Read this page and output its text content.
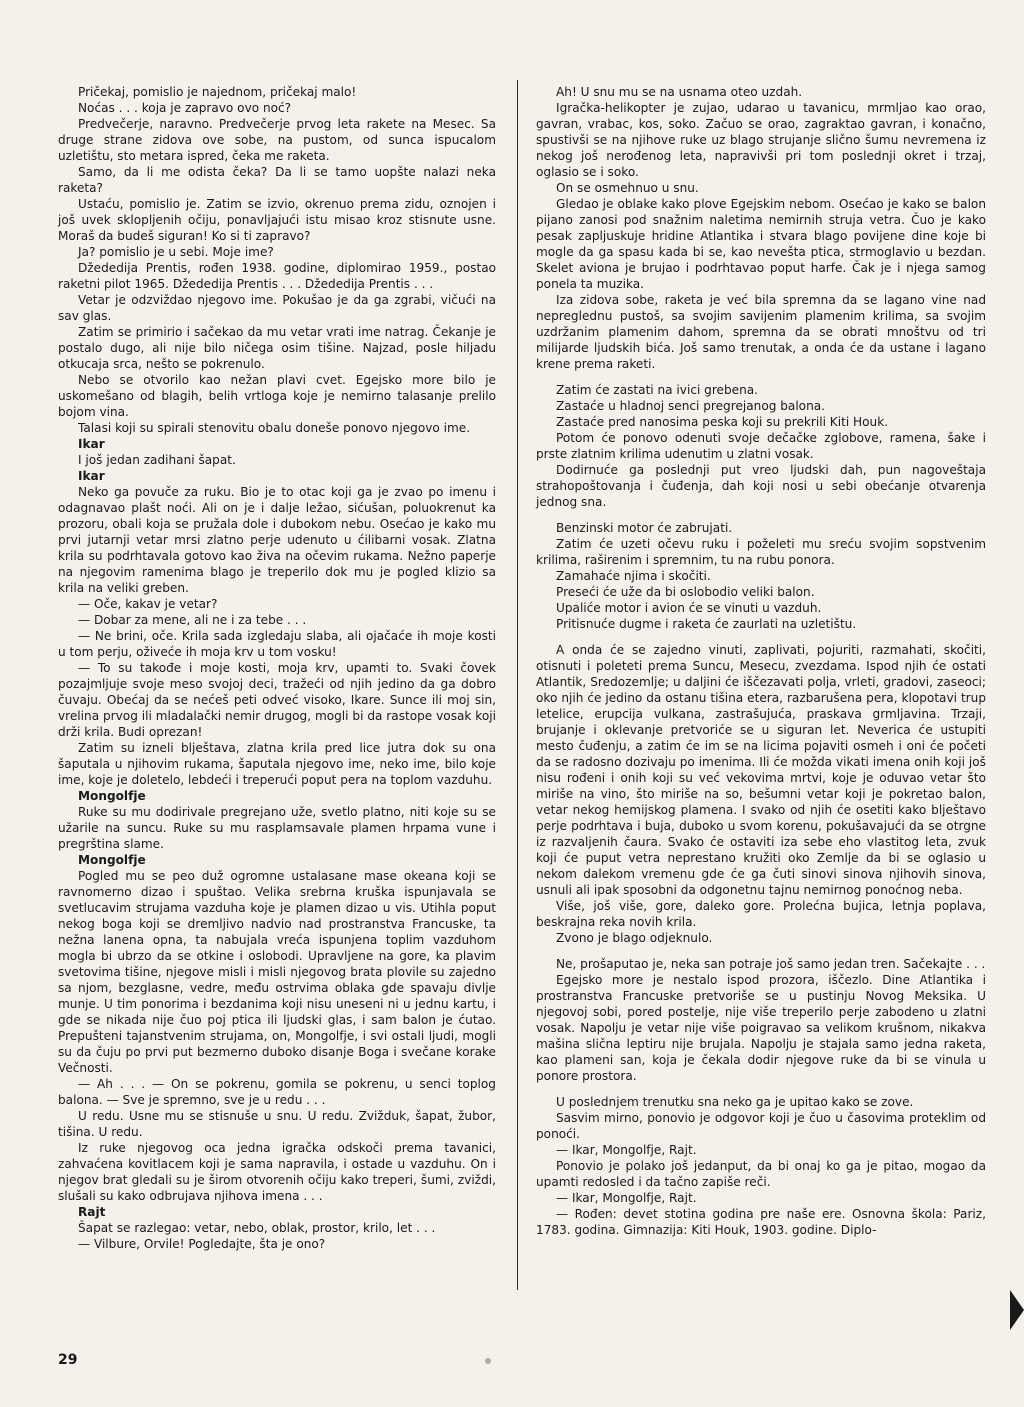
Pričekaj, pomislio je najednom, pričekaj malo!

Noćas . . . koja je zapravo ovo noć?

Predvečerje, naravno. Predvečerje prvog leta rakete na Mesec. Sa druge strane zidova ove sobe, na pustom, od sunca ispucalom uzletištu, sto metara ispred, čeka me raketa.

Samo, da li me odista čeka? Da li se tamo uopšte nalazi neka raketa?

Ustaću, pomislio je. Zatim se izvio, okrenuo prema zidu, oznojen i još uvek sklopljenih očiju, ponavljajući istu misao kroz stisnute usne. Moraš da budeš siguran! Ko si ti zapravo?

Ja? pomislio je u sebi. Moje ime?

Džededija Prentis, rođen 1938. godine, diplomirao 1959., postao raketni pilot 1965. Džededija Prentis . . . Džededija Prentis . . .

Vetar je odzviždao njegovo ime. Pokušao je da ga zgrabi, vičući na sav glas.

Zatim se primirio i sačekao da mu vetar vrati ime natrag. Čekanje je postalo dugo, ali nije bilo ničega osim tišine. Najzad, posle hiljadu otkucaja srca, nešto se pokrenulo.

Nebo se otvorilo kao nežan plavi cvet. Egejsko more bilo je uskomešano od blagih, belih vrtloga koje je nemirno talasanje prelilo bojom vina.

Talasi koji su spirali stenovitu obalu doneše ponovo njegovo ime.

Ikar

I još jedan zadihani šapat.

Ikar

Neko ga povuče za ruku. Bio je to otac koji ga je zvao po imenu i odagnavao plašt noći. Ali on je i dalje ležao, sićušan, poluokrenut ka prozoru, obali koja se pružala dole i dubokom nebu. Osećao je kako mu prvi jutarnji vetar mrsi zlatno perje udenuto u ćilibarni vosak. Zlatna krila su podrhtavala gotovo kao živa na očevim rukama. Nežno paperje na njegovim ramenima blago je treperilo dok mu je pogled klizio sa krila na veliki greben.

— Oče, kakav je vetar?

— Dobar za mene, ali ne i za tebe . . .

— Ne brini, oče. Krila sada izgledaju slaba, ali ojačaće ih moje kosti u tom perju, oživeće ih moja krv u tom vosku!

— To su takođe i moje kosti, moja krv, upamti to. Svaki čovek pozajmljuje svoje meso svojoj deci, tražeći od njih jedino da ga dobro čuvaju. Obećaj da se nećeš peti odveć visoko, Ikare. Sunce ili moj sin, vrelina prvog ili mladalački nemir drugog, mogli bi da rastope vosak koji drži krila. Budi oprezan!

Zatim su izneli blještava, zlatna krila pred lice jutra dok su ona šaputala u njihovim rukama, šaputala njegovo ime, neko ime, bilo koje ime, koje je doletelo, lebdeći i treperući poput pera na toplom vazduhu.

Mongolfje

Ruke su mu dodirivale pregrejano uže, svetlo platno, niti koje su se užarile na suncu. Ruke su mu rasplamsavale plamen hrpama vune i pregrština slame.

Mongolfje

Pogled mu se peo duž ogromne ustalasane mase okeana koji se ravnomerno dizao i spuštao. Velika srebrna kruška ispunjavala se svetlucavim strujama vazduha koje je plamen dizao u vis. Utihla poput nekog boga koji se dremljivo nadvio nad prostranstva Francuske, ta nežna lanena opna, ta nabujala vreća ispunjena toplim vazduhom mogla bi ubrzo da se otkine i oslobodi. Upravljene na gore, ka plavim svetovima tišine, njegove misli i misli njegovog brata plovile su zajedno sa njom, bezglasne, vedre, među ostrvima oblaka gde spavaju divlje munje. U tim ponorima i bezdanima koji nisu uneseni ni u jednu kartu, i gde se nikada nije čuo poj ptica ili ljudski glas, i sam balon je ćutao. Prepušteni tajanstvenim strujama, on, Mongolfje, i svi ostali ljudi, mogli su da čuju po prvi put bezmerno duboko disanje Boga i svečane korake Večnosti.

— Ah . . . — On se pokrenu, gomila se pokrenu, u senci toplog balona. — Sve je spremno, sve je u redu . . .

U redu. Usne mu se stisnuše u snu. U redu. Zvižduk, šapat, žubor, tišina. U redu.

Iz ruke njegovog oca jedna igračka odskoči prema tavanici, zahvaćena kovitlacem koji je sama napravila, i ostade u vazduhu. On i njegov brat gledali su je širom otvorenih očiju kako treperi, šumi, zviždi, slušali su kako odbrujava njihova imena . . .

Rajt

Šapat se razlegao: vetar, nebo, oblak, prostor, krilo, let . . .

— Vilbure, Orvile! Pogledajte, šta je ono?

Ah! U snu mu se na usnama oteo uzdah.

Igračka-helikopter je zujao, udarao u tavanicu, mrmljao kao orao, gavran, vrabac, kos, soko. Začuo se orao, zagraktao gavran, i konačno, spustivši se na njihove ruke uz blago strujanje slično šumu nevremena iz nekog još nerođenog leta, napravivši pri tom poslednji okret i trzaj, oglasio se i soko.

On se osmehnuo u snu.

Gledao je oblake kako plove Egejskim nebom. Osećao je kako se balon pijano zanosi pod snažnim naletima nemirnih struja vetra. Čuo je kako pesak zapljuskuje hridine Atlantika i stvara blago povijene dine koje bi mogle da ga spasu kada bi se, kao nevešta ptica, strmoglavio u bezdan. Skelet aviona je brujao i podrhtavao poput harfe. Čak je i njega samog ponela ta muzika.

Iza zidova sobe, raketa je već bila spremna da se lagano vine nad nepreglednu pustoš, sa svojim savijenim plamenim krilima, sa svojim uzdržanim plamenim dahom, spremna da se obrati mnoštvu od tri milijarde ljudskih bića. Još samo trenutak, a onda će da ustane i lagano krene prema raketi.

Zatim će zastati na ivici grebena.

Zastaće u hladnoj senci pregrejanog balona.

Zastaće pred nanosima peska koji su prekrili Kiti Houk.

Potom će ponovo odenuti svoje dečačke zglobove, ramena, šake i prste zlatnim krilima udenutim u zlatni vosak.

Dodirnuće ga poslednji put vreo ljudski dah, pun nagoveštaja strahopoštovanja i čuđenja, dah koji nosi u sebi obećanje otvarenja jednog sna.

Benzinski motor će zabrujati.

Zatim će uzeti očevu ruku i poželeti mu sreću svojim sopstvenim krilima, raširenim i spremnim, tu na rubu ponora.

Zamahaće njima i skočiti.

Preseći će uže da bi oslobodio veliki balon.

Upaliće motor i avion će se vinuti u vazduh.

Pritisnuće dugme i raketa će zaurlati na uzletištu.

A onda će se zajedno vinuti, zaplivati, pojuriti, razmahati, skočiti, otisnuti i poleteti prema Suncu, Mesecu, zvezdama. Ispod njih će ostati Atlantik, Sredozemlje; u daljini će iščezavati polja, vrleti, gradovi, zaseoci; oko njih će jedino da ostanu tišina etera, razbarušena pera, klopotavi trup letelice, erupcija vulkana, zastrašujuća, praskava grmljavina. Trzaji, brujanje i oklevanje pretvoriće se u siguran let. Neverica će ustupiti mesto čuđenju, a zatim će im se na licima pojaviti osmeh i oni će početi da se radosno dozivaju po imenima. Ili će možda vikati imena onih koji još nisu rođeni i onih koji su već vekovima mrtvi, koje je oduvao vetar što miriše na vino, što miriše na so, bešumni vetar koji je pokretao balon, vetar nekog hemijskog plamena. I svako od njih će osetiti kako blještavo perje podrhtava i buja, duboko u svom korenu, pokušavajući da se otrgne iz razvaljenih čaura. Svako će ostaviti iza sebe eho vlastitog leta, zvuk koji će puput vetra neprestano kružiti oko Zemlje da bi se oglasio u nekom dalekom vremenu gde će ga čuti sinovi sinova njihovih sinova, usnuli ali ipak sposobni da odgonetnu tajnu nemirnog ponoćnog neba.

Više, još više, gore, daleko gore. Prolećna bujica, letnja poplava, beskrajna reka novih krila.

Zvono je blago odjeknulo.

Ne, prošaputao je, neka san potraje još samo jedan tren. Sačekajte . . .

Egejsko more je nestalo ispod prozora, iščezlo. Dine Atlantika i prostranstva Francuske pretvoriše se u pustinju Novog Meksika. U njegovoj sobi, pored postelje, nije više treperilo perje zabodeno u zlatni vosak. Napolju je vetar nije više poigravao sa velikom krušnom, nikakva mašina slična leptiru nije brujala. Napolju je stajala samo jedna raketa, kao plameni san, koja je čekala dodir njegove ruke da bi se vinula u ponore prostora.

U poslednjem trenutku sna neko ga je upitao kako se zove.

Sasvim mirno, ponovio je odgovor koji je čuo u časovima proteklim od ponoći.

— Ikar, Mongolfje, Rajt.

Ponovio je polako još jedanput, da bi onaj ko ga je pitao, mogao da upamti redosled i da tačno zapiše reči.

— Ikar, Mongolfje, Rajt.

— Rođen: devet stotina godina pre naše ere. Osnovna škola: Pariz, 1783. godina. Gimnazija: Kiti Houk, 1903. godine. Diplo-

29
